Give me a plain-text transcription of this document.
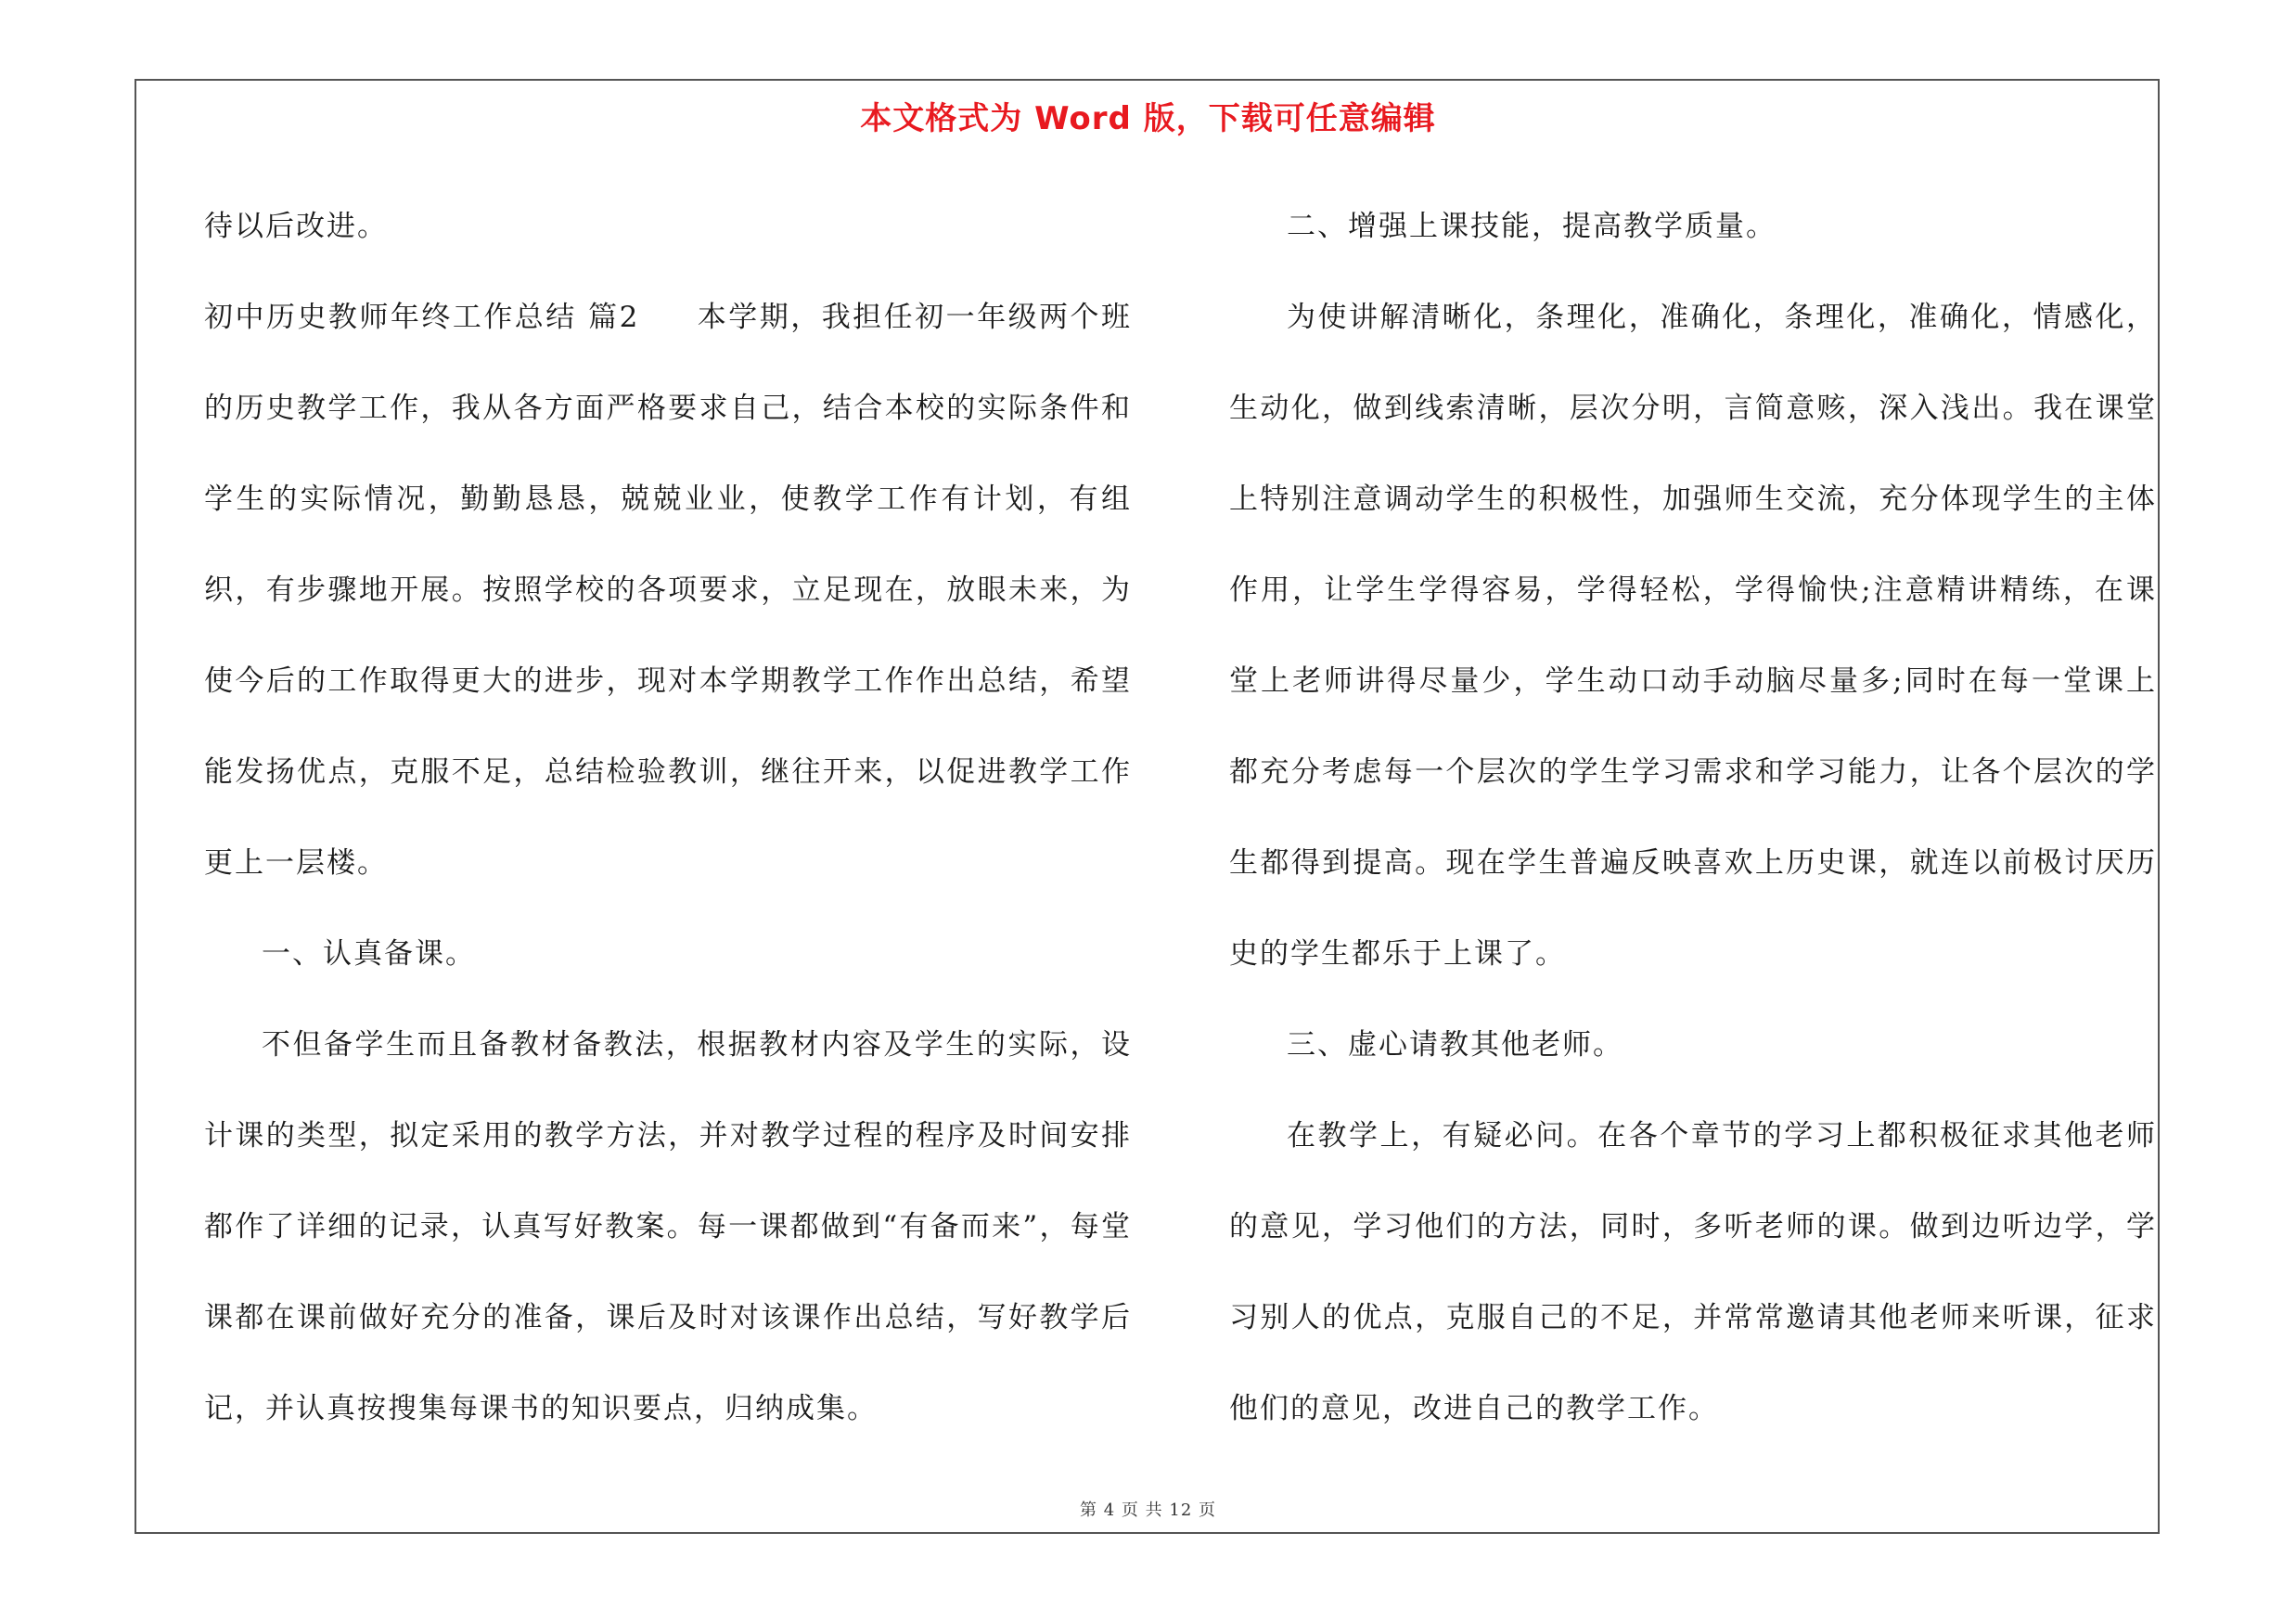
本文格式为 Word 版，下载可任意编辑

待以后改进。

初中历史教师年终工作总结 篇2 本学期，我担任初一年级两个班的历史教学工作，我从各方面严格要求自己，结合本校的实际条件和学生的实际情况，勤勤恳恳，兢兢业业，使教学工作有计划，有组织，有步骤地开展。按照学校的各项要求，立足现在，放眼未来，为使今后的工作取得更大的进步，现对本学期教学工作作出总结，希望能发扬优点，克服不足，总结检验教训，继往开来，以促进教学工作更上一层楼。

一、认真备课。

不但备学生而且备教材备教法，根据教材内容及学生的实际，设计课的类型，拟定采用的教学方法，并对教学过程的程序及时间安排都作了详细的记录，认真写好教案。每一课都做到“有备而来”，每堂课都在课前做好充分的准备，课后及时对该课作出总结，写好教学后记，并认真按搜集每课书的知识要点，归纳成集。

二、增强上课技能，提高教学质量。

为使讲解清晰化，条理化，准确化，条理化，准确化，情感化，生动化，做到线索清晰，层次分明，言简意赅，深入浅出。我在课堂上特别注意调动学生的积极性，加强师生交流，充分体现学生的主体作用，让学生学得容易，学得轻松，学得愉快;注意精讲精练，在课堂上老师讲得尽量少，学生动口动手动脑尽量多;同时在每一堂课上都充分考虑每一个层次的学生学习需求和学习能力，让各个层次的学生都得到提高。现在学生普遍反映喜欢上历史课，就连以前极讨厌历史的学生都乐于上课了。

三、虚心请教其他老师。

在教学上，有疑必问。在各个章节的学习上都积极征求其他老师的意见，学习他们的方法，同时，多听老师的课。做到边听边学，学习别人的优点，克服自己的不足，并常常邀请其他老师来听课，征求他们的意见，改进自己的教学工作。

第 4 页 共 12 页
